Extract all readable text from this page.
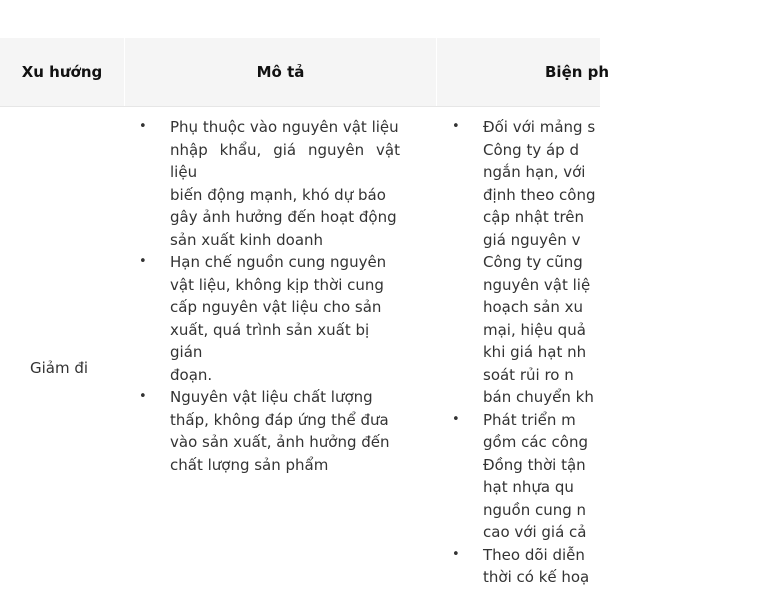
Xu hướng	Mô tả	Biện ph
Giảm đi
• Phụ thuộc vào nguyên vật liệu
nhập khẩu, giá nguyên vật liệu
biến động mạnh, khó dự báo
gây ảnh hưởng đến hoạt động
sản xuất kinh doanh
• Hạn chế nguồn cung nguyên
vật liệu, không kịp thời cung
cấp nguyên vật liệu cho sản
xuất, quá trình sản xuất bị gián
đoạn.
• Nguyên vật liệu chất lượng
thấp, không đáp ứng thể đưa
vào sản xuất, ảnh hưởng đến
chất lượng sản phẩm
• Đối với mảng s
Công ty áp d
ngắn hạn, với
định theo công
cập nhật trên
giá nguyên v
Công ty cũng
nguyên vật liệ
hoạch sản xu
mại, hiệu quả
khi giá hạt nh
soát rủi ro n
bán chuyển kh
• Phát triển m
gồm các công
Đồng thời tận
hạt nhựa qu
nguồn cung n
cao với giá cả
• Theo dõi diễn
thời có kế hoạ
